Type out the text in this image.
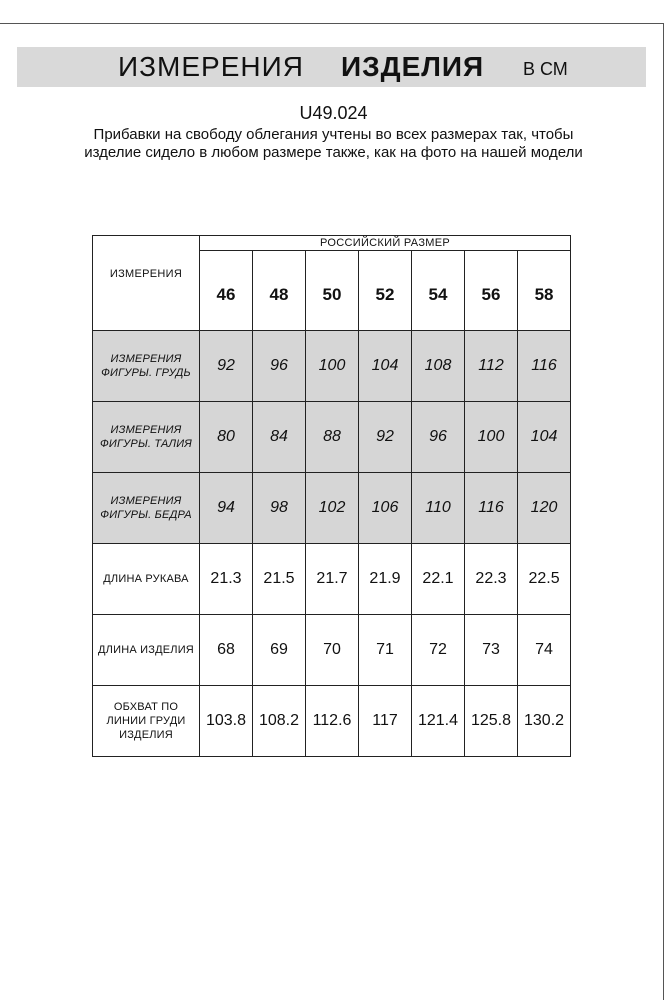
ИЗМЕРЕНИЯ ИЗДЕЛИЯ В СМ
U49.024
Прибавки на свободу облегания учтены во всех размерах так, чтобы изделие сидело в любом размере также, как на фото на нашей модели
ИЗМЕРЕНИЯ	РОССИЙСКИЙ РАЗМЕР						
	46	48	50	52	54	56	58
ИЗМЕРЕНИЯ ФИГУРЫ. ГРУДЬ	92	96	100	104	108	112	116
ИЗМЕРЕНИЯ ФИГУРЫ. ТАЛИЯ	80	84	88	92	96	100	104
ИЗМЕРЕНИЯ ФИГУРЫ. БЕДРА	94	98	102	106	110	116	120
ДЛИНА РУКАВА	21.3	21.5	21.7	21.9	22.1	22.3	22.5
ДЛИНА ИЗДЕЛИЯ	68	69	70	71	72	73	74
ОБХВАТ ПО ЛИНИИ ГРУДИ ИЗДЕЛИЯ	103.8	108.2	112.6	117	121.4	125.8	130.2
